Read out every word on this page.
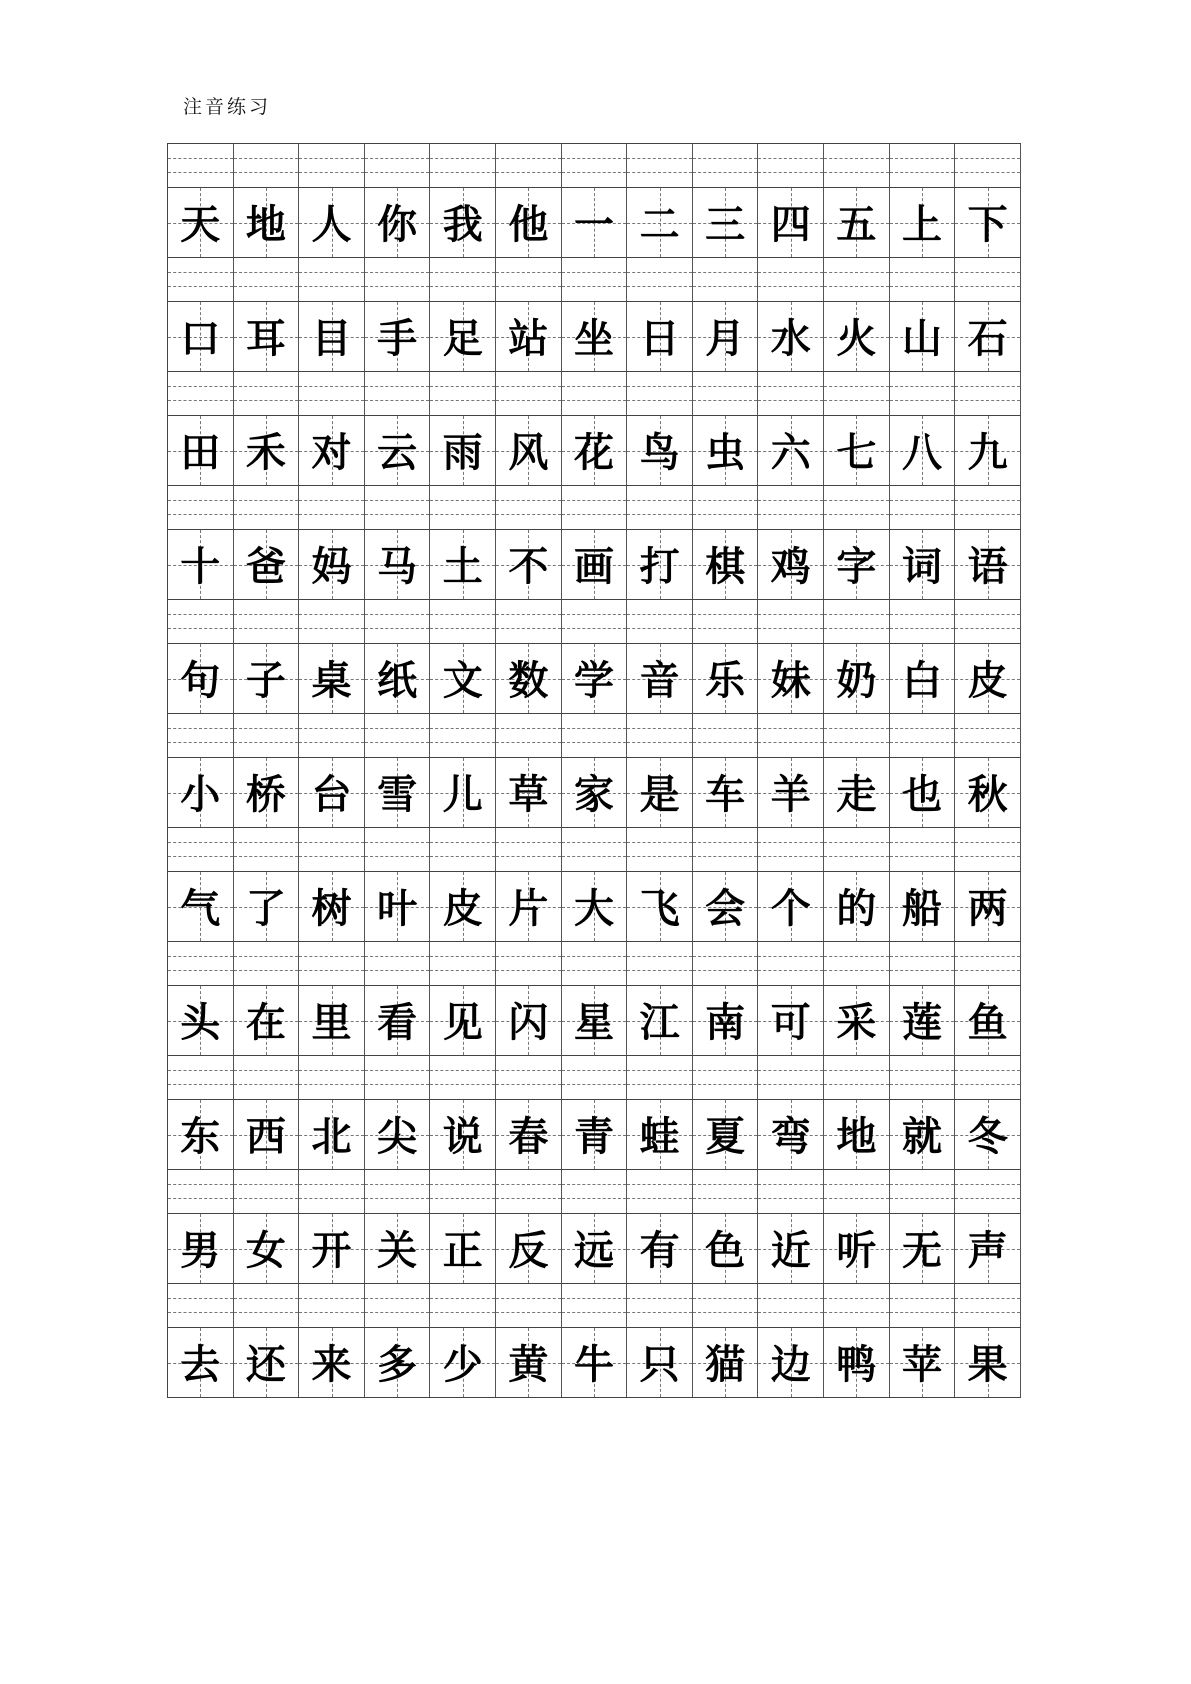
注音练习
天 地 人 你 我 他 一 二 三 四 五 上 下
口 耳 目 手 足 站 坐 日 月 水 火 山 石
田 禾 对 云 雨 风 花 鸟 虫 六 七 八 九
十 爸 妈 马 土 不 画 打 棋 鸡 字 词 语
句 子 桌 纸 文 数 学 音 乐 妹 奶 白 皮
小 桥 台 雪 儿 草 家 是 车 羊 走 也 秋
气 了 树 叶 皮 片 大 飞 会 个 的 船 两
头 在 里 看 见 闪 星 江 南 可 采 莲 鱼
东 西 北 尖 说 春 青 蛙 夏 弯 地 就 冬
男 女 开 关 正 反 远 有 色 近 听 无 声
去 还 来 多 少 黄 牛 只 猫 边 鸭 苹 果
